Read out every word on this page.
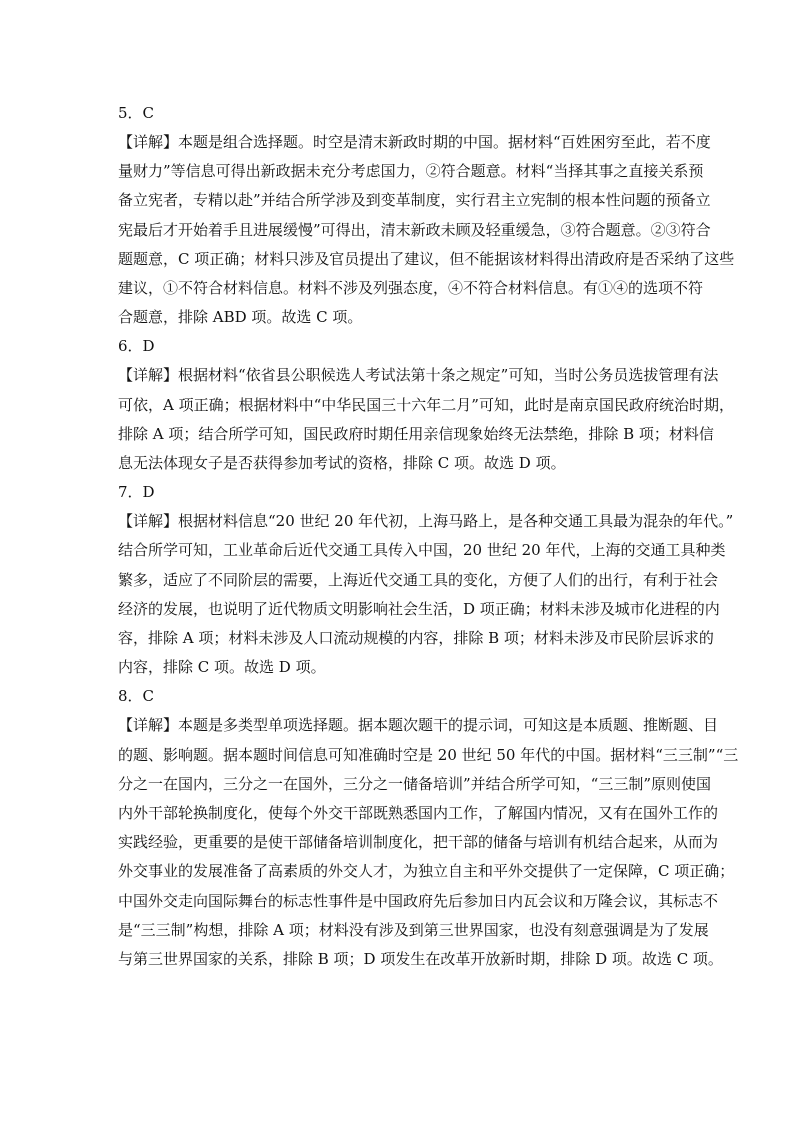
5．C

【详解】本题是组合选择题。时空是清末新政时期的中国。据材料“百姓困穷至此，若不度
量财力”等信息可得出新政据未充分考虑国力，②符合题意。材料“当择其事之直接关系预
备立宪者，专精以赴”并结合所学涉及到变革制度，实行君主立宪制的根本性问题的预备立
宪最后才开始着手且进展缓慢”可得出，清末新政未顾及轻重缓急，③符合题意。②③符合
题题意，C 项正确；材料只涉及官员提出了建议，但不能据该材料得出清政府是否采纳了这些
建议，①不符合材料信息。材料不涉及列强态度，④不符合材料信息。有①④的选项不符
合题意，排除 ABD 项。故选 C 项。

6．D

【详解】根据材料“依省县公职候选人考试法第十条之规定”可知，当时公务员选拔管理有法
可依，A 项正确；根据材料中“中华民国三十六年二月”可知，此时是南京国民政府统治时期，
排除 A 项；结合所学可知，国民政府时期任用亲信现象始终无法禁绝，排除 B 项；材料信
息无法体现女子是否获得参加考试的资格，排除 C 项。故选 D 项。

7．D

【详解】根据材料信息“20 世纪 20 年代初，上海马路上，是各种交通工具最为混杂的年代。”
结合所学可知，工业革命后近代交通工具传入中国，20 世纪 20 年代，上海的交通工具种类
繁多，适应了不同阶层的需要，上海近代交通工具的变化，方便了人们的出行，有利于社会
经济的发展，也说明了近代物质文明影响社会生活，D 项正确；材料未涉及城市化进程的内
容，排除 A 项；材料未涉及人口流动规模的内容，排除 B 项；材料未涉及市民阶层诉求的
内容，排除 C 项。故选 D 项。

8．C

【详解】本题是多类型单项选择题。据本题次题干的提示词，可知这是本质题、推断题、目
的题、影响题。据本题时间信息可知准确时空是 20 世纪 50 年代的中国。据材料“三三制”“三
分之一在国内，三分之一在国外，三分之一储备培训”并结合所学可知，“三三制”原则使国
内外干部轮换制度化，使每个外交干部既熟悉国内工作，了解国内情况，又有在国外工作的
实践经验，更重要的是使干部储备培训制度化，把干部的储备与培训有机结合起来，从而为
外交事业的发展准备了高素质的外交人才，为独立自主和平外交提供了一定保障，C 项正确；
中国外交走向国际舞台的标志性事件是中国政府先后参加日内瓦会议和万隆会议，其标志不
是“三三制”构想，排除 A 项；材料没有涉及到第三世界国家，也没有刻意强调是为了发展
与第三世界国家的关系，排除 B 项；D 项发生在改革开放新时期，排除 D 项。故选 C 项。
